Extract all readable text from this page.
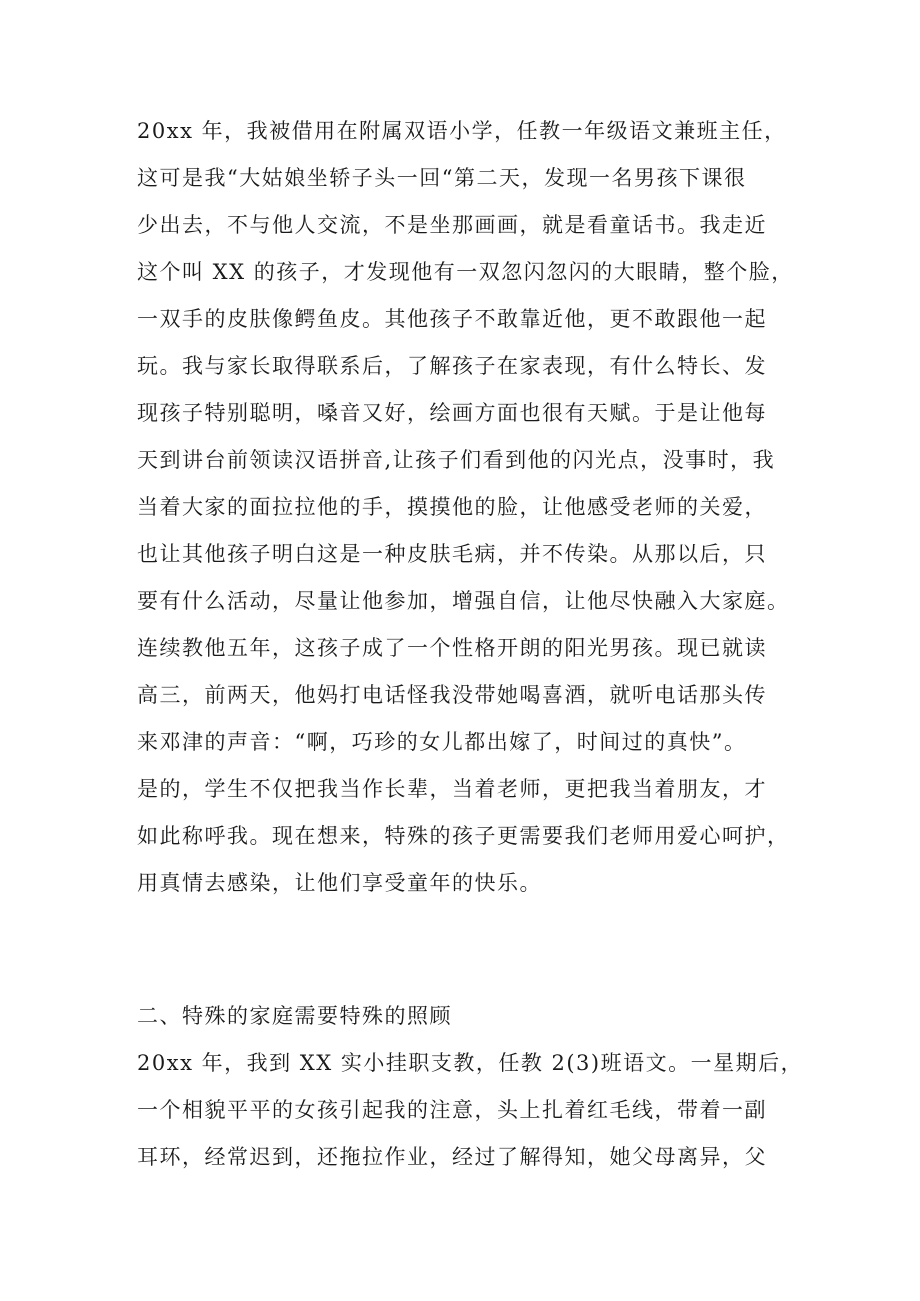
20xx 年，我被借用在附属双语小学，任教一年级语文兼班主任，

这可是我“大姑娘坐轿子头一回“第二天，发现一名男孩下课很

少出去，不与他人交流，不是坐那画画，就是看童话书。我走近

这个叫 XX 的孩子，才发现他有一双忽闪忽闪的大眼睛，整个脸，

一双手的皮肤像鳄鱼皮。其他孩子不敢靠近他，更不敢跟他一起

玩。我与家长取得联系后，了解孩子在家表现，有什么特长、发

现孩子特别聪明，嗓音又好，绘画方面也很有天赋。于是让他每

天到讲台前领读汉语拼音,让孩子们看到他的闪光点，没事时，我

当着大家的面拉拉他的手，摸摸他的脸，让他感受老师的关爱，

也让其他孩子明白这是一种皮肤毛病，并不传染。从那以后，只

要有什么活动，尽量让他参加，增强自信，让他尽快融入大家庭。

连续教他五年，这孩子成了一个性格开朗的阳光男孩。现已就读

高三，前两天，他妈打电话怪我没带她喝喜酒，就听电话那头传

来邓津的声音：“啊，巧珍的女儿都出嫁了，时间过的真快”。

是的，学生不仅把我当作长辈，当着老师，更把我当着朋友，才

如此称呼我。现在想来，特殊的孩子更需要我们老师用爱心呵护，

用真情去感染，让他们享受童年的快乐。

二、特殊的家庭需要特殊的照顾

20xx 年，我到 XX 实小挂职支教，任教 2(3)班语文。一星期后，

一个相貌平平的女孩引起我的注意，头上扎着红毛线，带着一副

耳环，经常迟到，还拖拉作业，经过了解得知，她父母离异，父
